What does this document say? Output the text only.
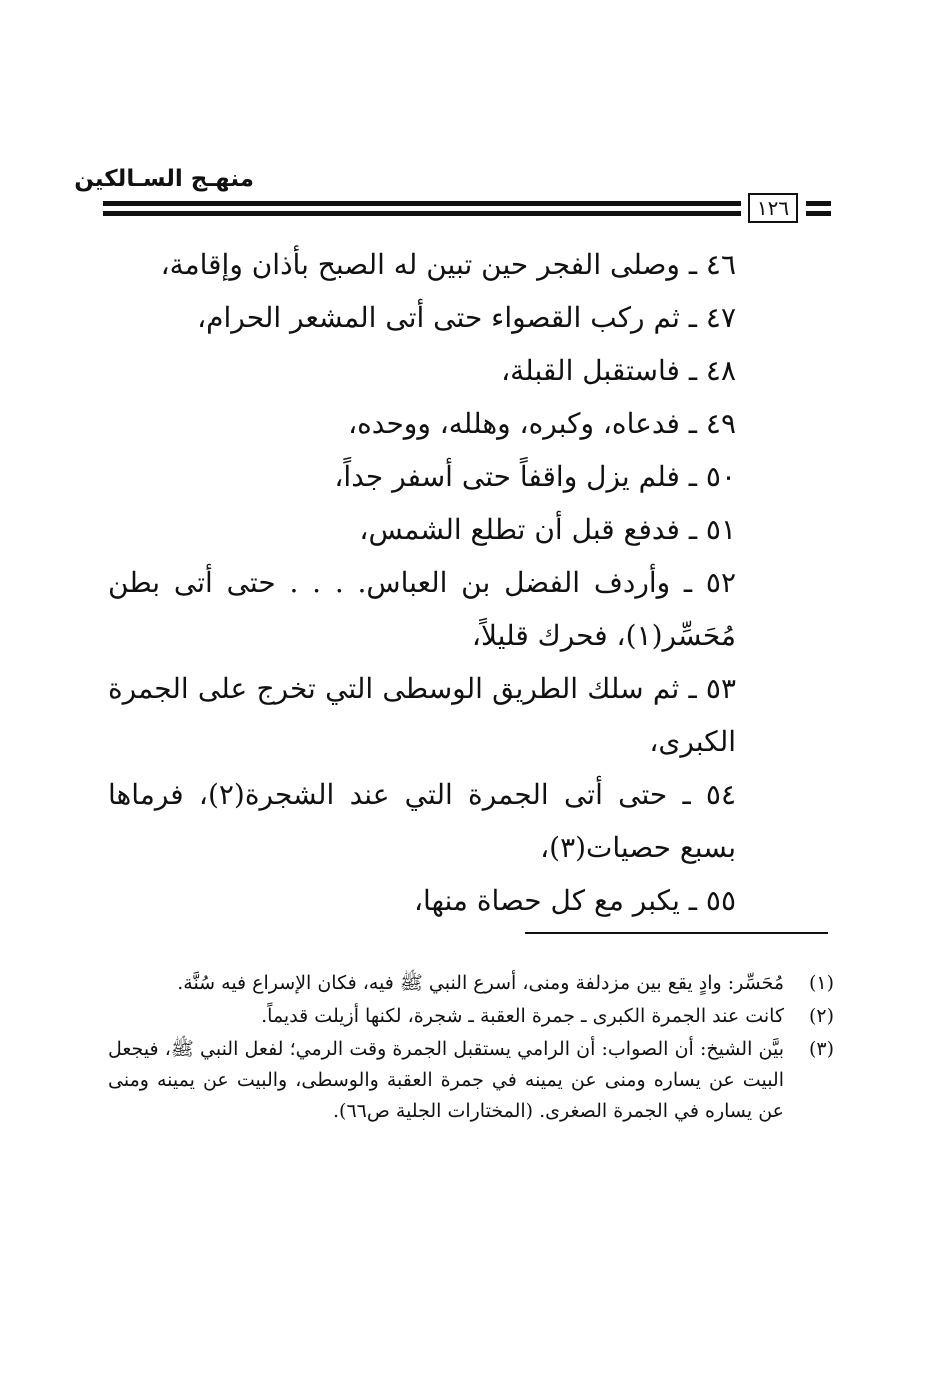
منهـج السـالكين
١٢٦

٤٦ ـ وصلى الفجر حين تبين له الصبح بأذان وإقامة،

٤٧ ـ ثم ركب القصواء حتى أتى المشعر الحرام،

٤٨ ـ فاستقبل القبلة،

٤٩ ـ فدعاه، وكبره، وهلله، ووحده،

٥٠ ـ فلم يزل واقفاً حتى أسفر جداً،

٥١ ـ فدفع قبل أن تطلع الشمس،

٥٢ ـ وأردف الفضل بن العباس. . . . حتى أتى بطن مُحَسِّر(١)، فحرك قليلاً،

٥٣ ـ ثم سلك الطريق الوسطى التي تخرج على الجمرة الكبرى،

٥٤ ـ حتى أتى الجمرة التي عند الشجرة(٢)، فرماها بسبع حصيات(٣)،

٥٥ ـ يكبر مع كل حصاة منها،

(١)
مُحَسِّر: وادٍ يقع بين مزدلفة ومنى، أسرع النبي ﷺ فيه، فكان الإسراع فيه سُنَّة.
(٢)
كانت عند الجمرة الكبرى ـ جمرة العقبة ـ شجرة، لكنها أزيلت قديماً.
(٣)
بيَّن الشيخ: أن الصواب: أن الرامي يستقبل الجمرة وقت الرمي؛ لفعل النبي ﷺ، فيجعل البيت عن يساره ومنى عن يمينه في جمرة العقبة والوسطى، والبيت عن يمينه ومنى عن يساره في الجمرة الصغرى. (المختارات الجلية ص٦٦).
